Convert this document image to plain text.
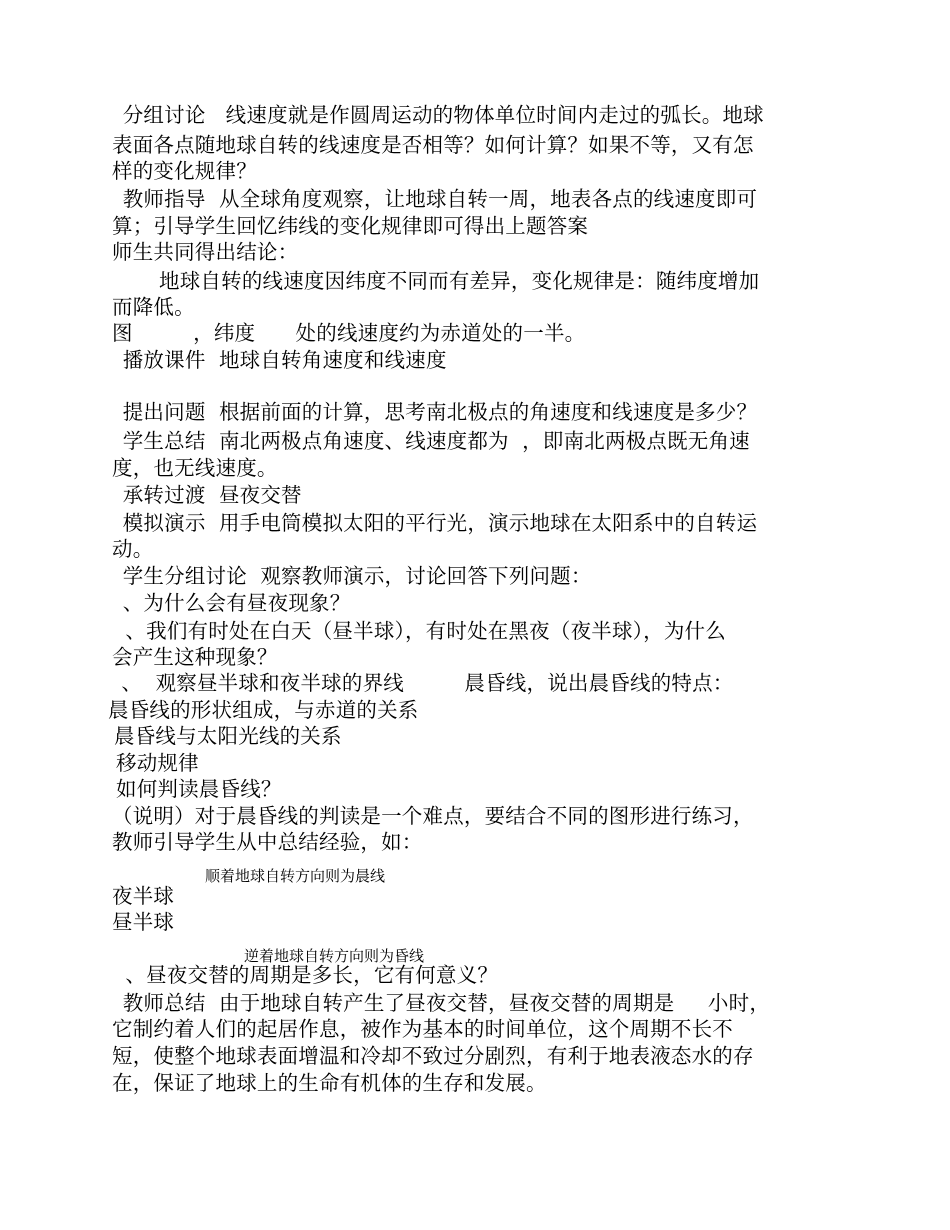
分组讨论   线速度就是作圆周运动的物体单位时间内走过的弧长。地球
表面各点随地球自转的线速度是否相等？如何计算？如果不等，又有怎
样的变化规律？
教师指导  从全球角度观察，让地球自转一周，地表各点的线速度即可
算；引导学生回忆纬线的变化规律即可得出上题答案
师生共同得出结论：
地球自转的线速度因纬度不同而有差异，变化规律是：随纬度增加
而降低。
图         ，纬度      处的线速度约为赤道处的一半。
播放课件  地球自转角速度和线速度
提出问题  根据前面的计算，思考南北极点的角速度和线速度是多少？
学生总结  南北两极点角速度、线速度都为  ，即南北两极点既无角速
度，也无线速度。
承转过渡  昼夜交替
模拟演示  用手电筒模拟太阳的平行光，演示地球在太阳系中的自转运
动。
学生分组讨论  观察教师演示，讨论回答下列问题：
、为什么会有昼夜现象？
、我们有时处在白天（昼半球），有时处在黑夜（夜半球），为什么
会产生这种现象？
、  观察昼半球和夜半球的界线         晨昏线，说出晨昏线的特点：
晨昏线的形状组成，与赤道的关系
晨昏线与太阳光线的关系
移动规律
如何判读晨昏线？
（说明）对于晨昏线的判读是一个难点，要结合不同的图形进行练习，
教师引导学生从中总结经验，如：
顺着地球自转方向则为晨线
夜半球
昼半球
逆着地球自转方向则为昏线
、昼夜交替的周期是多长，它有何意义？
教师总结  由于地球自转产生了昼夜交替，昼夜交替的周期是     小时，
它制约着人们的起居作息，被作为基本的时间单位，这个周期不长不
短，使整个地球表面增温和冷却不致过分剧烈，有利于地表液态水的存
在，保证了地球上的生命有机体的生存和发展。
